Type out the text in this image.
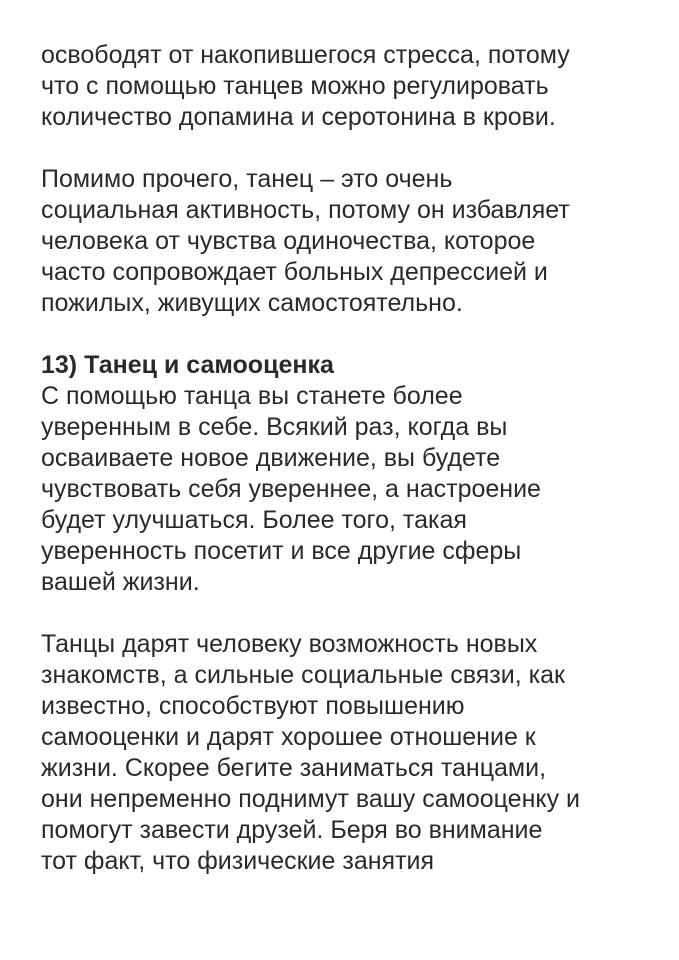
освободят от накопившегося стресса, потому
что с помощью танцев можно регулировать
количество допамина и серотонина в крови.
Помимо прочего, танец – это очень
социальная активность, потому он избавляет
человека от чувства одиночества, которое
часто сопровождает больных депрессией и
пожилых, живущих самостоятельно.
13) Танец и самооценка
С помощью танца вы станете более
уверенным в себе. Всякий раз, когда вы
осваиваете новое движение, вы будете
чувствовать себя увереннее, а настроение
будет улучшаться. Более того, такая
уверенность посетит и все другие сферы
вашей жизни.
Танцы дарят человеку возможность новых
знакомств, а сильные социальные связи, как
известно, способствуют повышению
самооценки и дарят хорошее отношение к
жизни. Скорее бегите заниматься танцами,
они непременно поднимут вашу самооценку и
помогут завести друзей. Беря во внимание
тот факт, что физические занятия
